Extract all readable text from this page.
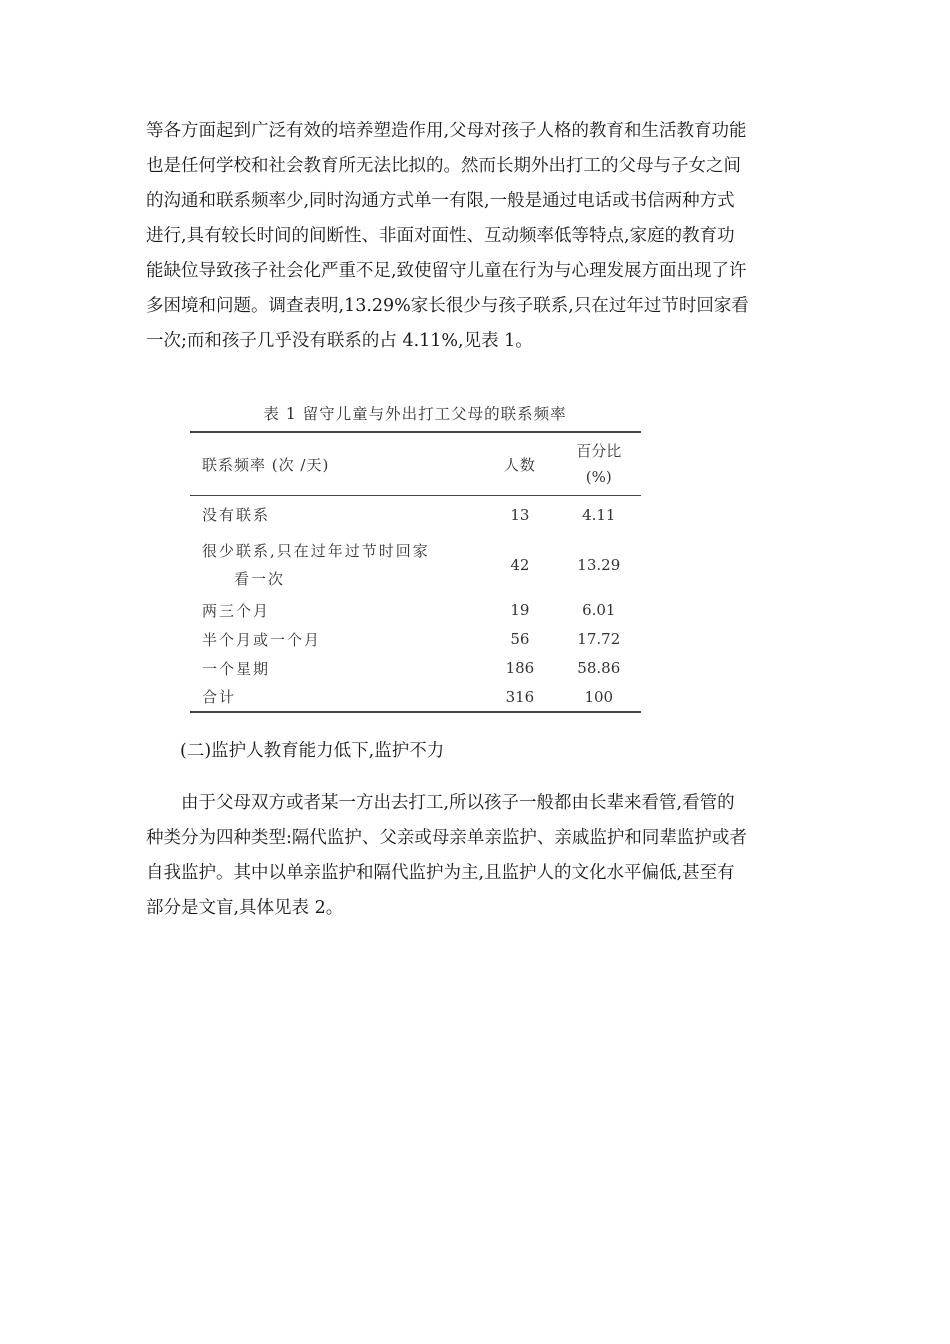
等各方面起到广泛有效的培养塑造作用,父母对孩子人格的教育和生活教育功能
也是任何学校和社会教育所无法比拟的。然而长期外出打工的父母与子女之间
的沟通和联系频率少,同时沟通方式单一有限,一般是通过电话或书信两种方式
进行,具有较长时间的间断性、非面对面性、互动频率低等特点,家庭的教育功
能缺位导致孩子社会化严重不足,致使留守儿童在行为与心理发展方面出现了许
多困境和问题。调查表明,13.29%家长很少与孩子联系,只在过年过节时回家看
一次;而和孩子几乎没有联系的占 4.11%,见表 1。

表 1 留守儿童与外出打工父母的联系频率
联系频率 (次 /天)	人数	百分比
(%)
没有联系	13	4.11
很少联系,只在过年过节时回家
看一次	42	13.29
两三个月	19	6.01
半个月或一个月	56	17.72
一个星期	186	58.86
合计	316	100
(二)监护人教育能力低下,监护不力

由于父母双方或者某一方出去打工,所以孩子一般都由长辈来看管,看管的
种类分为四种类型:隔代监护、父亲或母亲单亲监护、亲戚监护和同辈监护或者
自我监护。其中以单亲监护和隔代监护为主,且监护人的文化水平偏低,甚至有
部分是文盲,具体见表 2。
